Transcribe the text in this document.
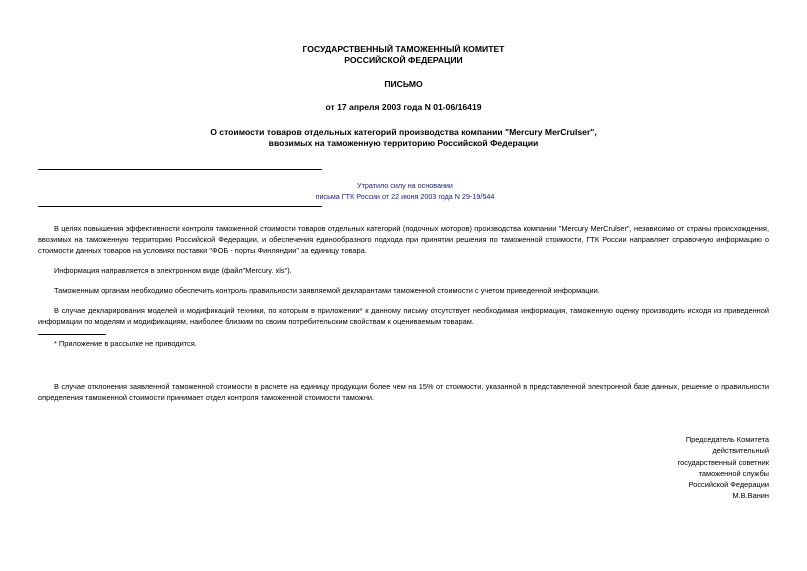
ГОСУДАРСТВЕННЫЙ ТАМОЖЕННЫЙ КОМИТЕТ
РОССИЙСКОЙ ФЕДЕРАЦИИ
ПИСЬМО
от 17 апреля 2003 года N 01-06/16419
О стоимости товаров отдельных категорий производства компании "Mercury MerCrulser",
ввозимых на таможенную территорию Российской Федерации
Утратило силу на основании
письма ГТК России от 22 июня 2003 года N 29-19/544

В целях повышения эффективности контроля таможенной стоимости товаров отдельных категорий (подочных моторов) производства компании "Mercury MerCrulser", независимо от страны происхождения, ввозимых на таможенную территорию Российской Федерации, и обеспечения единообразного подхода при принятии решения по таможенной стоимости, ГТК России направляет справочную информацию о стоимости данных товаров на условиях поставки "ФОБ - порты Финляндии" за единицу товара.

Информация направляется в электронном виде (файл"Mercury. xls").

Таможенным органам необходимо обеспечить контроль правильности заявляемой декларантами таможенной стоимости с учетом приведенной информации.

В случае декларирования моделей и модификаций техники, по которым в приложении* к данному письму отсутствует необходимая информация, таможенную оценку производить исходя из приведенной информации по моделям и модификациям, наиболее близким по своим потребительским свойствам к оцениваемым товарам.

* Приложение в рассылке не приводится.

В случае отклонения заявленной таможенной стоимости в расчете на единицу продукции более чем на 15% от стоимости, указанной в представленной электронной базе данных, решение о правильности определения таможенной стоимости принимает отдел контроля таможенной стоимости таможни.

Председатель Комитета
действительный
государственный советник
таможенной службы
Российской Федерации
М.В.Ванин
